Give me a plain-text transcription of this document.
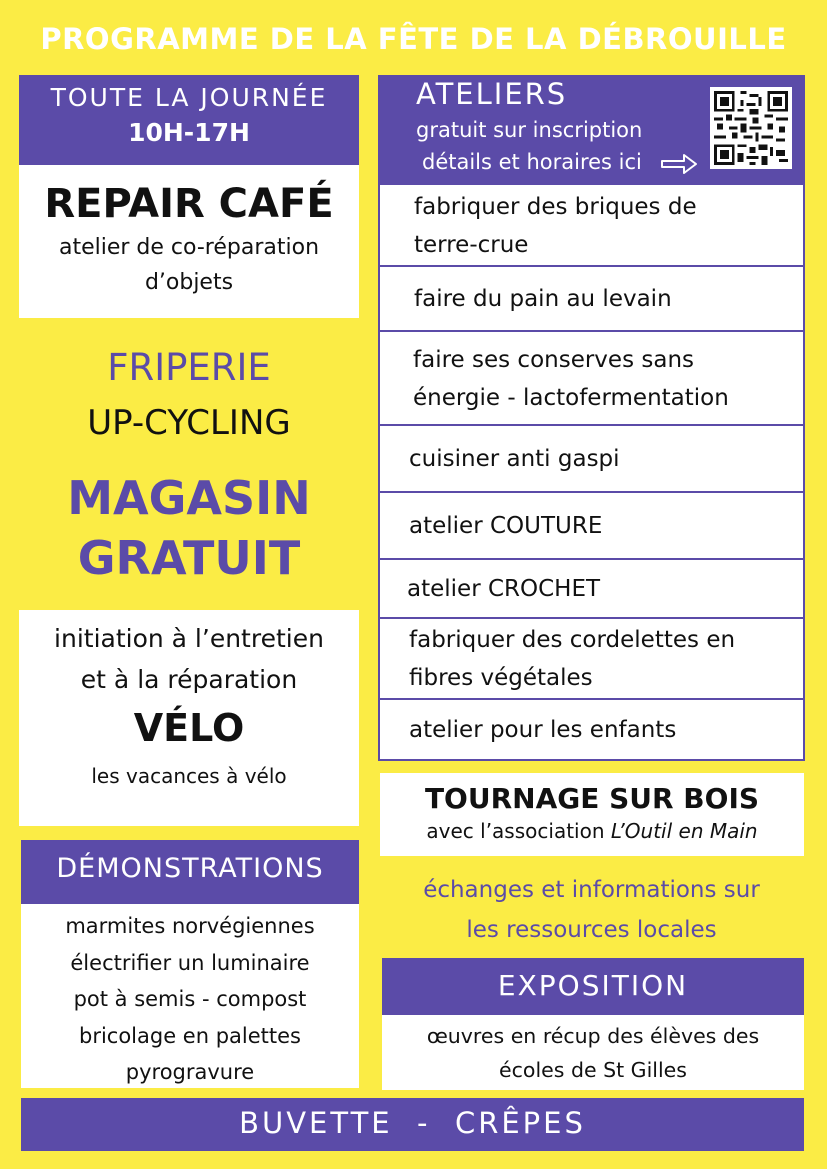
PROGRAMME DE LA FÊTE DE LA DÉBROUILLE
TOUTE LA JOURNÉE
10H-17H
REPAIR CAFÉ
atelier de co-réparation
d’objets
FRIPERIE
UP-CYCLING
MAGASIN
GRATUIT
initiation à l’entretien
et à la réparation
VÉLO
les vacances à vélo
DÉMONSTRATIONS
marmites norvégiennes
électrifier un luminaire
pot à semis - compost
bricolage en palettes
pyrogravure
ATELIERS
gratuit sur inscription
détails et horaires ici
fabriquer des briques de
terre-crue
faire du pain au levain
faire ses conserves sans
énergie - lactofermentation
cuisiner anti gaspi
atelier COUTURE
atelier CROCHET
fabriquer des cordelettes en
fibres végétales
atelier pour les enfants
TOURNAGE SUR BOIS
avec l’association L’Outil en Main
échanges et informations sur
les ressources locales
EXPOSITION
œuvres en récup des élèves des
écoles de St Gilles
BUVETTE  -  CRÊPES
